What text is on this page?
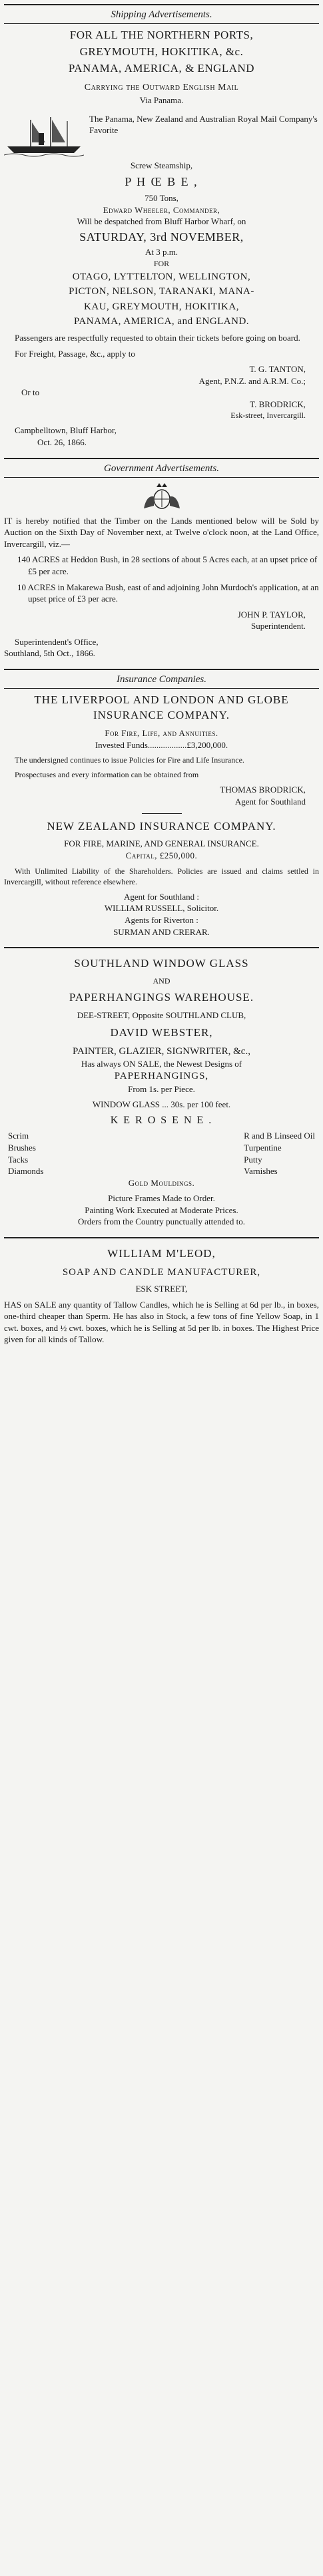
Shipping Advertisements.
FOR ALL THE NORTHERN PORTS,
GREYMOUTH, HOKITIKA, &c.
PANAMA, AMERICA, & ENGLAND
Carrying the Outward English Mail
Via Panama.
The Panama, New Zealand and Australian Royal Mail Company's Favorite
Screw Steamship,
P H Œ B E ,
750 Tons,
Edward Wheeler, Commander,
Will be despatched from Bluff Harbor Wharf, on
SATURDAY, 3rd NOVEMBER,
At 3 p.m.
FOR
OTAGO, LYTTELTON, WELLINGTON,
PICTON, NELSON, TARANAKI, MANA-
KAU, GREYMOUTH, HOKITIKA,
PANAMA, AMERICA, and ENGLAND.
Passengers are respectfully requested to obtain their tickets before going on board.
For Freight, Passage, &c., apply to
T. G. TANTON,
Agent, P.N.Z. and A.R.M. Co.;
Or to
T. BRODRICK,
Esk-street, Invercargill.
Campbelltown, Bluff Harbor,
Oct. 26, 1866.
Government Advertisements.
IT is hereby notified that the Timber on the Lands mentioned below will be Sold by Auction on the Sixth Day of November next, at Twelve o'clock noon, at the Land Office, Invercargill, viz.—
140 ACRES at Heddon Bush, in 28 sections of about 5 Acres each, at an upset price of £5 per acre.
10 ACRES in Makarewa Bush, east of and adjoining John Murdoch's application, at an upset price of £3 per acre.
JOHN P. TAYLOR,
Superintendent.
Superintendent's Office,
Southland, 5th Oct., 1866.
Insurance Companies.
THE LIVERPOOL AND LONDON AND GLOBE INSURANCE COMPANY.
For Fire, Life, and Annuities.
Invested Funds..................£3,200,000.
The undersigned continues to issue Policies for Fire and Life Insurance.
Prospectuses and every information can be obtained from
THOMAS BRODRICK,
Agent for Southland
NEW ZEALAND INSURANCE COMPANY.
FOR FIRE, MARINE, AND GENERAL INSURANCE.
Capital, £250,000.
With Unlimited Liability of the Shareholders. Policies are issued and claims settled in Invercargill, without reference elsewhere.
Agent for Southland :
WILLIAM RUSSELL, Solicitor.
Agents for Riverton :
SURMAN AND CRERAR.
SOUTHLAND WINDOW GLASS
AND
PAPERHANGINGS WAREHOUSE.
DEE-STREET, Opposite SOUTHLAND CLUB,
DAVID WEBSTER,
PAINTER, GLAZIER, SIGNWRITER, &c.,
Has always ON SALE, the Newest Designs of
PAPERHANGINGS,
From 1s. per Piece.
WINDOW GLASS ... 30s. per 100 feet.
K E R O S E N E .
Scrim
Brushes
Tacks
Diamonds
R and B Linseed Oil
Turpentine
Putty
Varnishes
Gold Mouldings.
Picture Frames Made to Order.
Painting Work Executed at Moderate Prices.
Orders from the Country punctually attended to.
WILLIAM M'LEOD,
SOAP AND CANDLE MANUFACTURER,
ESK STREET,
HAS on SALE any quantity of Tallow Candles, which he is Selling at 6d per lb., in boxes, one-third cheaper than Sperm. He has also in Stock, a few tons of fine Yellow Soap, in 1 cwt. boxes, and ½ cwt. boxes, which he is Selling at 5d per lb. in boxes. The Highest Price given for all kinds of Tallow.
